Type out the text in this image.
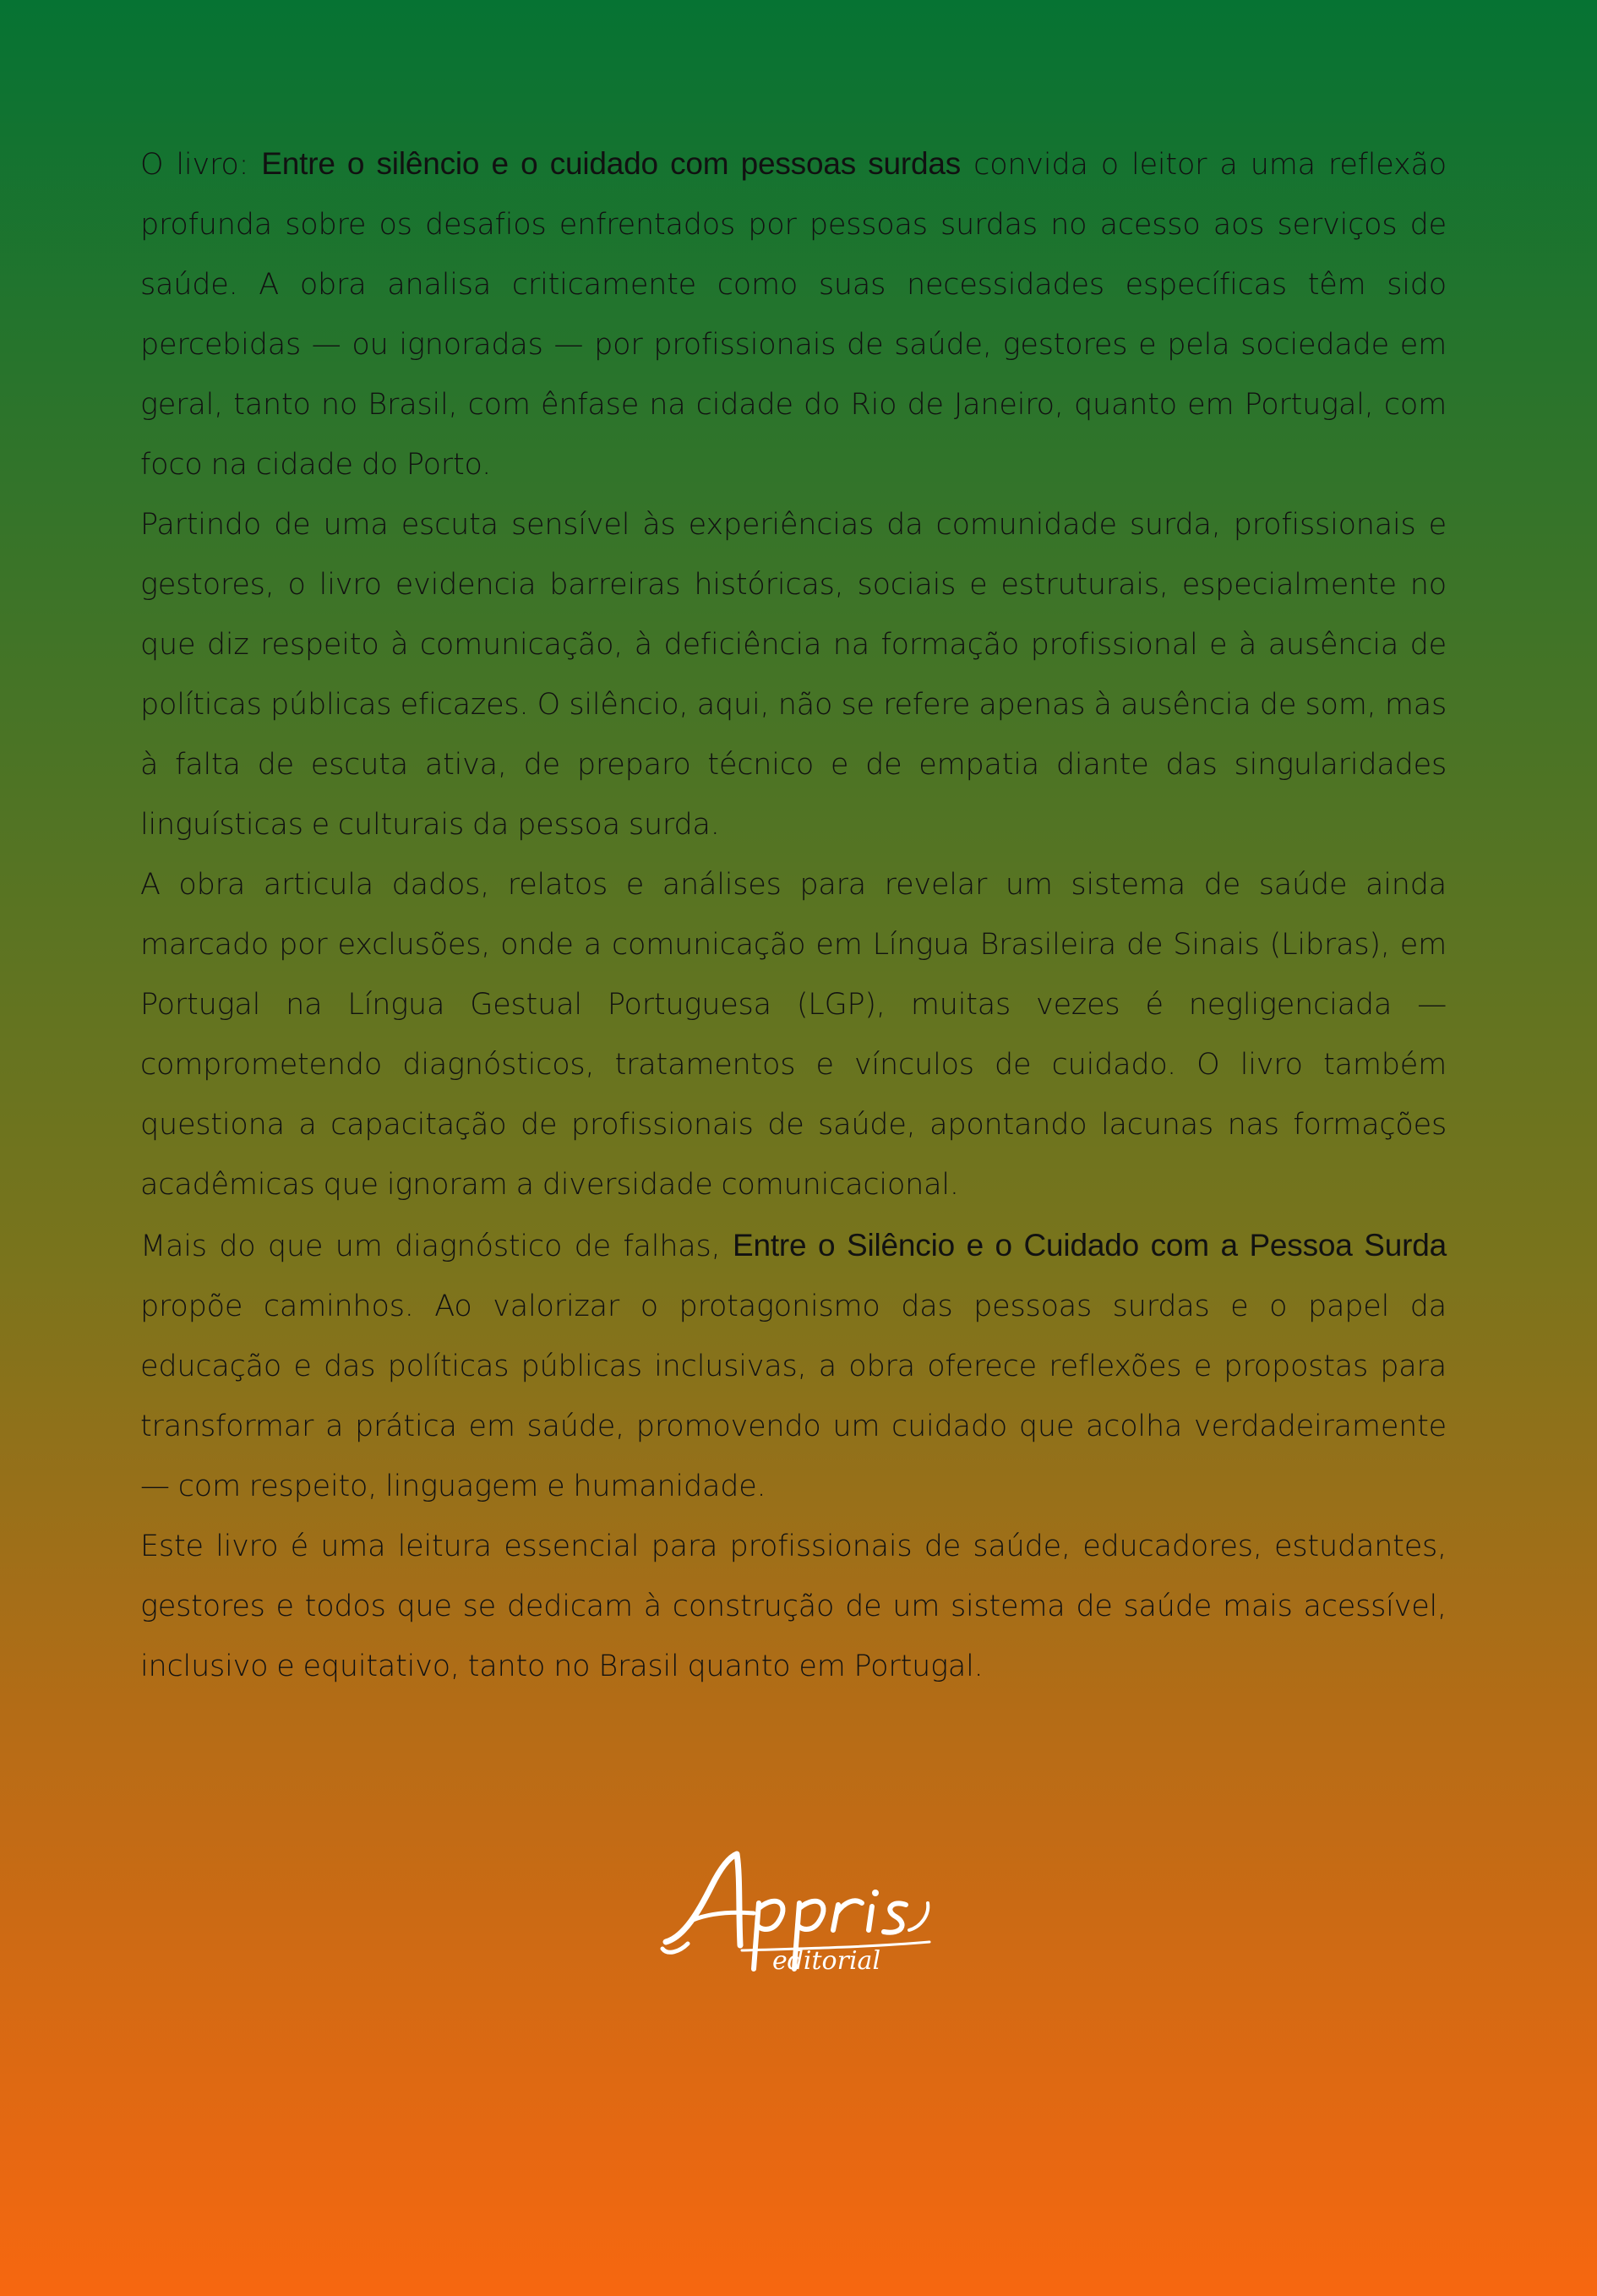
O livro: Entre o silêncio e o cuidado com pessoas surdas convida o leitor a uma reflexão profunda sobre os desafios enfrentados por pessoas surdas no acesso aos serviços de saúde. A obra analisa criticamente como suas necessidades específicas têm sido percebidas — ou ignoradas — por profissionais de saúde, gestores e pela sociedade em geral, tanto no Brasil, com ênfase na cidade do Rio de Janeiro, quanto em Portugal, com foco na cidade do Porto.

Partindo de uma escuta sensível às experiências da comunidade surda, profissionais e gestores, o livro evidencia barreiras históricas, sociais e estruturais, especialmente no que diz respeito à comunicação, à deficiência na formação profissional e à ausência de políticas públicas eficazes. O silêncio, aqui, não se refere apenas à ausência de som, mas à falta de escuta ativa, de preparo técnico e de empatia diante das singularidades linguísticas e culturais da pessoa surda.

A obra articula dados, relatos e análises para revelar um sistema de saúde ainda marcado por exclusões, onde a comunicação em Língua Brasileira de Sinais (Libras), em Portugal na Língua Gestual Portuguesa (LGP), muitas vezes é negligenciada — comprometendo diagnósticos, tratamentos e vínculos de cuidado. O livro também questiona a capacitação de profissionais de saúde, apontando lacunas nas formações acadêmicas que ignoram a diversidade comunicacional.

Mais do que um diagnóstico de falhas, Entre o Silêncio e o Cuidado com a Pessoa Surda propõe caminhos. Ao valorizar o protagonismo das pessoas surdas e o papel da educação e das políticas públicas inclusivas, a obra oferece reflexões e propostas para transformar a prática em saúde, promovendo um cuidado que acolha verdadeiramente — com respeito, linguagem e humanidade.

Este livro é uma leitura essencial para profissionais de saúde, educadores, estudantes, gestores e todos que se dedicam à construção de um sistema de saúde mais acessível, inclusivo e equitativo, tanto no Brasil quanto em Portugal.

editorial
